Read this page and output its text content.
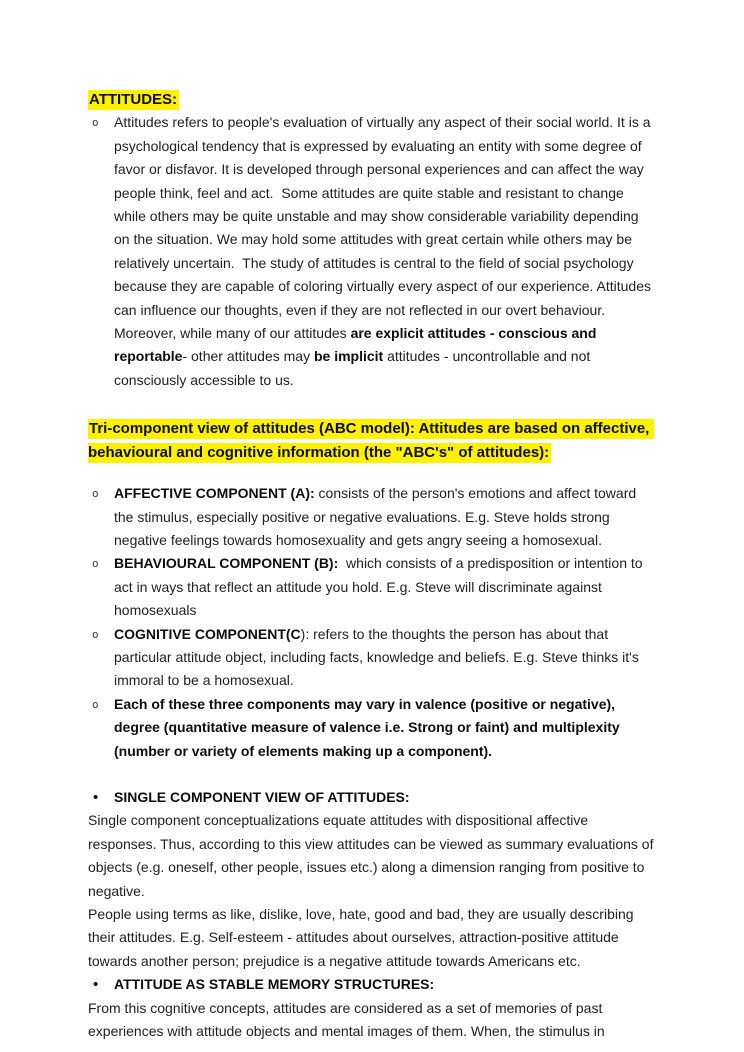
ATTITUDES:

o Attitudes refers to people's evaluation of virtually any aspect of their social world. It is a psychological tendency that is expressed by evaluating an entity with some degree of favor or disfavor. It is developed through personal experiences and can affect the way people think, feel and act.  Some attitudes are quite stable and resistant to change while others may be quite unstable and may show considerable variability depending on the situation. We may hold some attitudes with great certain while others may be relatively uncertain.  The study of attitudes is central to the field of social psychology because they are capable of coloring virtually every aspect of our experience. Attitudes can influence our thoughts, even if they are not reflected in our overt behaviour. Moreover, while many of our attitudes are explicit attitudes - conscious and reportable- other attitudes may be implicit attitudes - uncontrollable and not consciously accessible to us.

Tri-component view of attitudes (ABC model): Attitudes are based on affective, behavioural and cognitive information (the "ABC's" of attitudes):

o AFFECTIVE COMPONENT (A): consists of the person's emotions and affect toward the stimulus, especially positive or negative evaluations. E.g. Steve holds strong negative feelings towards homosexuality and gets angry seeing a homosexual.
o BEHAVIOURAL COMPONENT (B):  which consists of a predisposition or intention to act in ways that reflect an attitude you hold. E.g. Steve will discriminate against homosexuals
o COGNITIVE COMPONENT(C): refers to the thoughts the person has about that particular attitude object, including facts, knowledge and beliefs. E.g. Steve thinks it's immoral to be a homosexual.
o Each of these three components may vary in valence (positive or negative), degree (quantitative measure of valence i.e. Strong or faint) and multiplexity (number or variety of elements making up a component).
• SINGLE COMPONENT VIEW OF ATTITUDES:

Single component conceptualizations equate attitudes with dispositional affective responses. Thus, according to this view attitudes can be viewed as summary evaluations of objects (e.g. oneself, other people, issues etc.) along a dimension ranging from positive to negative.

People using terms as like, dislike, love, hate, good and bad, they are usually describing their attitudes. E.g. Self-esteem - attitudes about ourselves, attraction-positive attitude towards another person; prejudice is a negative attitude towards Americans etc.

• ATTITUDE AS STABLE MEMORY STRUCTURES:

From this cognitive concepts, attitudes are considered as a set of memories of past experiences with attitude objects and mental images of them. When, the stimulus in
